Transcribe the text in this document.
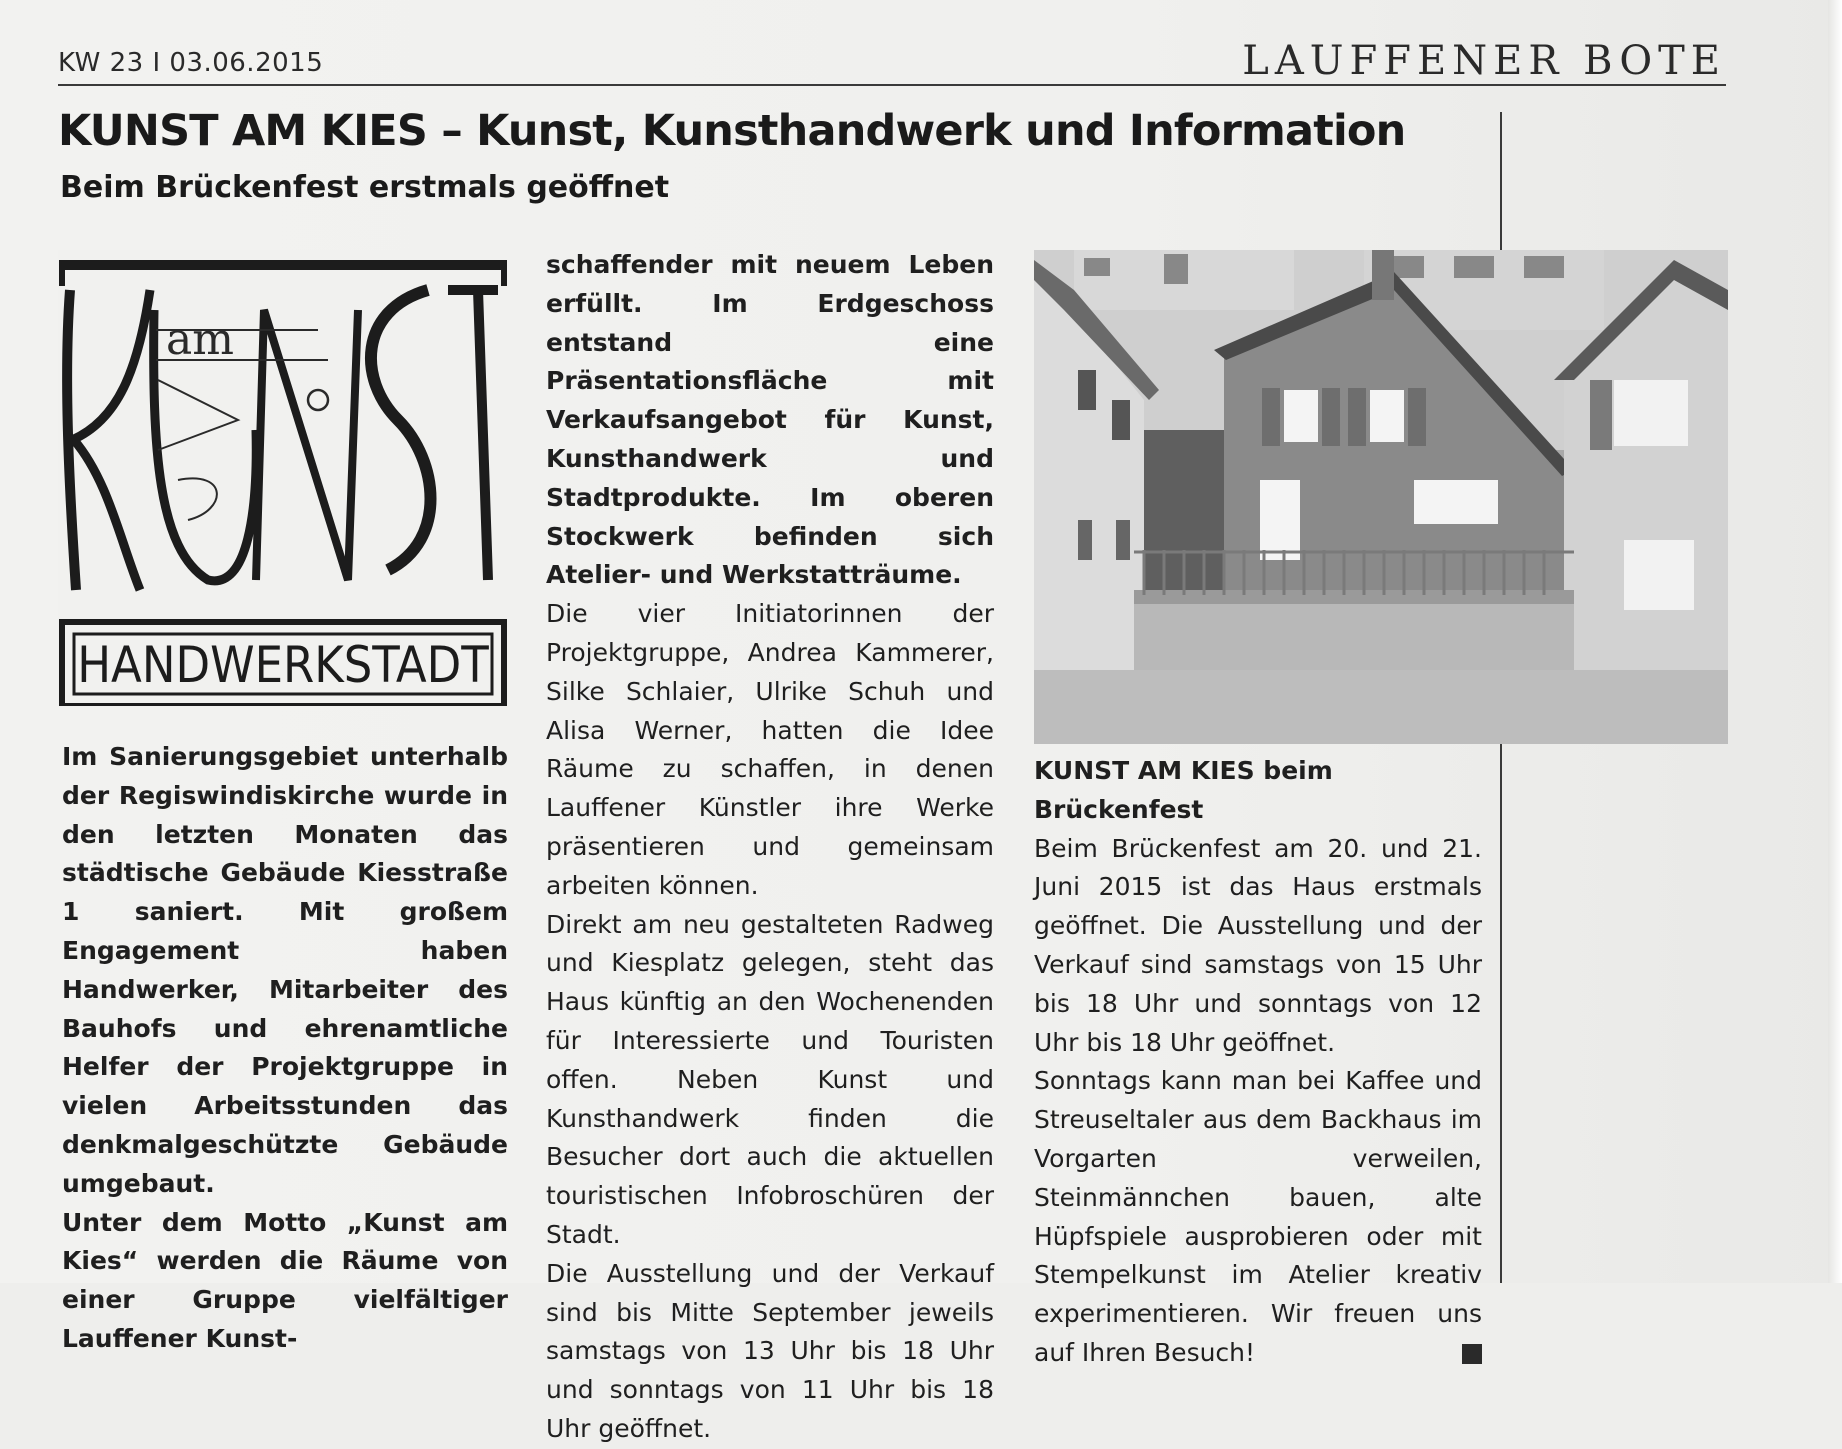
KW 23 I 03.06.2015	LAUFFENER BOTE
KUNST AM KIES – Kunst, Kunsthandwerk und Information
Beim Brückenfest erstmals geöffnet
am
HANDWERKSTADT

Im Sanierungsgebiet unterhalb der Regiswindiskirche wurde in den letzten Monaten das städtische Gebäude Kiesstraße 1 saniert. Mit großem Engagement haben Handwerker, Mitarbeiter des Bauhofs und ehrenamtliche Helfer der Projektgruppe in vielen Arbeitsstunden das denkmalgeschützte Gebäude umgebaut.

Unter dem Motto „Kunst am Kies“ werden die Räume von einer Gruppe vielfältiger Lauffener Kunst-

schaffender mit neuem Leben erfüllt. Im Erdgeschoss entstand eine Präsentationsfläche mit Verkaufsangebot für Kunst, Kunsthandwerk und Stadtprodukte. Im oberen Stockwerk befinden sich Atelier- und Werkstatträume.

Die vier Initiatorinnen der Projektgruppe, Andrea Kammerer, Silke Schlaier, Ulrike Schuh und Alisa Werner, hatten die Idee Räume zu schaffen, in denen Lauffener Künstler ihre Werke präsentieren und gemeinsam arbeiten können.

Direkt am neu gestalteten Radweg und Kiesplatz gelegen, steht das Haus künftig an den Wochenenden für Interessierte und Touristen offen. Neben Kunst und Kunsthandwerk finden die Besucher dort auch die aktuellen touristischen Infobroschüren der Stadt.

Die Ausstellung und der Verkauf sind bis Mitte September jeweils samstags von 13 Uhr bis 18 Uhr und sonntags von 11 Uhr bis 18 Uhr geöffnet.

KUNST AM KIES beim Brückenfest

Beim Brückenfest am 20. und 21. Juni 2015 ist das Haus erstmals geöffnet. Die Ausstellung und der Verkauf sind samstags von 15 Uhr bis 18 Uhr und sonntags von 12 Uhr bis 18 Uhr geöffnet.

Sonntags kann man bei Kaffee und Streuseltaler aus dem Backhaus im Vorgarten verweilen, Steinmännchen bauen, alte Hüpfspiele ausprobieren oder mit Stempelkunst im Atelier kreativ experimentieren. Wir freuen uns auf Ihren Besuch!
